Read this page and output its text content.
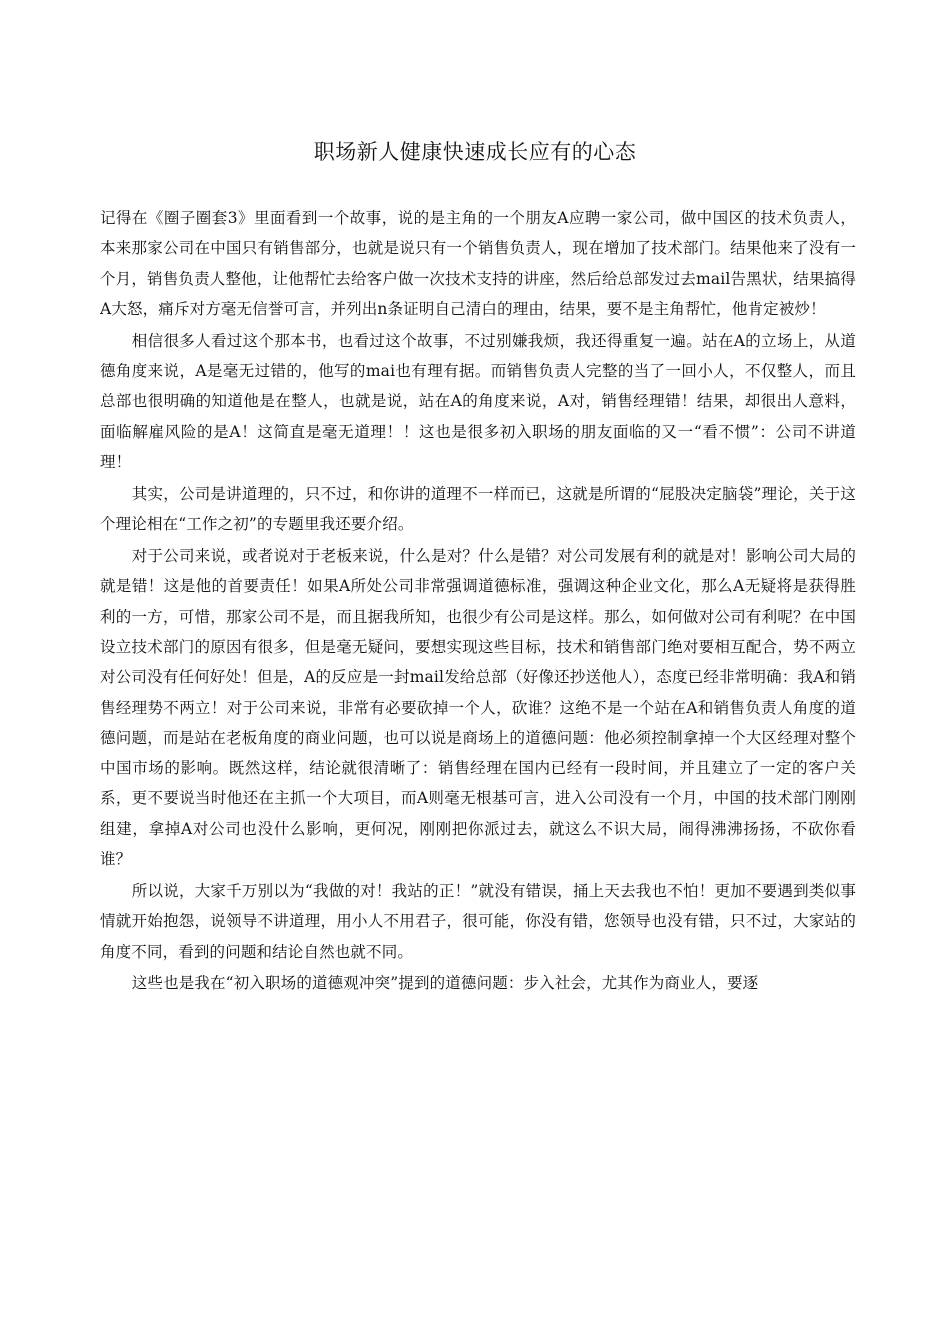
职场新人健康快速成长应有的心态

记得在《圈子圈套3》里面看到一个故事，说的是主角的一个朋友A应聘一家公司，做中国区的技术负责人，本来那家公司在中国只有销售部分，也就是说只有一个销售负责人，现在增加了技术部门。结果他来了没有一个月，销售负责人整他，让他帮忙去给客户做一次技术支持的讲座，然后给总部发过去mail告黑状，结果搞得A大怒，痛斥对方毫无信誉可言，并列出n条证明自己清白的理由，结果，要不是主角帮忙，他肯定被炒！

相信很多人看过这个那本书，也看过这个故事，不过别嫌我烦，我还得重复一遍。站在A的立场上，从道德角度来说，A是毫无过错的，他写的mai也有理有据。而销售负责人完整的当了一回小人，不仅整人，而且总部也很明确的知道他是在整人，也就是说，站在A的角度来说，A对，销售经理错！结果，却很出人意料，面临解雇风险的是A！这简直是毫无道理！！这也是很多初入职场的朋友面临的又一“看不惯”：公司不讲道理！

其实，公司是讲道理的，只不过，和你讲的道理不一样而已，这就是所谓的“屁股决定脑袋”理论，关于这个理论相在“工作之初”的专题里我还要介绍。

对于公司来说，或者说对于老板来说，什么是对？什么是错？对公司发展有利的就是对！影响公司大局的就是错！这是他的首要责任！如果A所处公司非常强调道德标准，强调这种企业文化，那么A无疑将是获得胜利的一方，可惜，那家公司不是，而且据我所知，也很少有公司是这样。那么，如何做对公司有利呢？在中国设立技术部门的原因有很多，但是毫无疑问，要想实现这些目标，技术和销售部门绝对要相互配合，势不两立对公司没有任何好处！但是，A的反应是一封mail发给总部（好像还抄送他人），态度已经非常明确：我A和销售经理势不两立！对于公司来说，非常有必要砍掉一个人，砍谁？这绝不是一个站在A和销售负责人角度的道德问题，而是站在老板角度的商业问题，也可以说是商场上的道德问题：他必须控制拿掉一个大区经理对整个中国市场的影响。既然这样，结论就很清晰了：销售经理在国内已经有一段时间，并且建立了一定的客户关系，更不要说当时他还在主抓一个大项目，而A则毫无根基可言，进入公司没有一个月，中国的技术部门刚刚组建，拿掉A对公司也没什么影响，更何况，刚刚把你派过去，就这么不识大局，闹得沸沸扬扬，不砍你看谁？

所以说，大家千万别以为“我做的对！我站的正！”就没有错误，捅上天去我也不怕！更加不要遇到类似事情就开始抱怨，说领导不讲道理，用小人不用君子，很可能，你没有错，您领导也没有错，只不过，大家站的角度不同，看到的问题和结论自然也就不同。

这些也是我在“初入职场的道德观冲突”提到的道德问题：步入社会，尤其作为商业人，要逐
